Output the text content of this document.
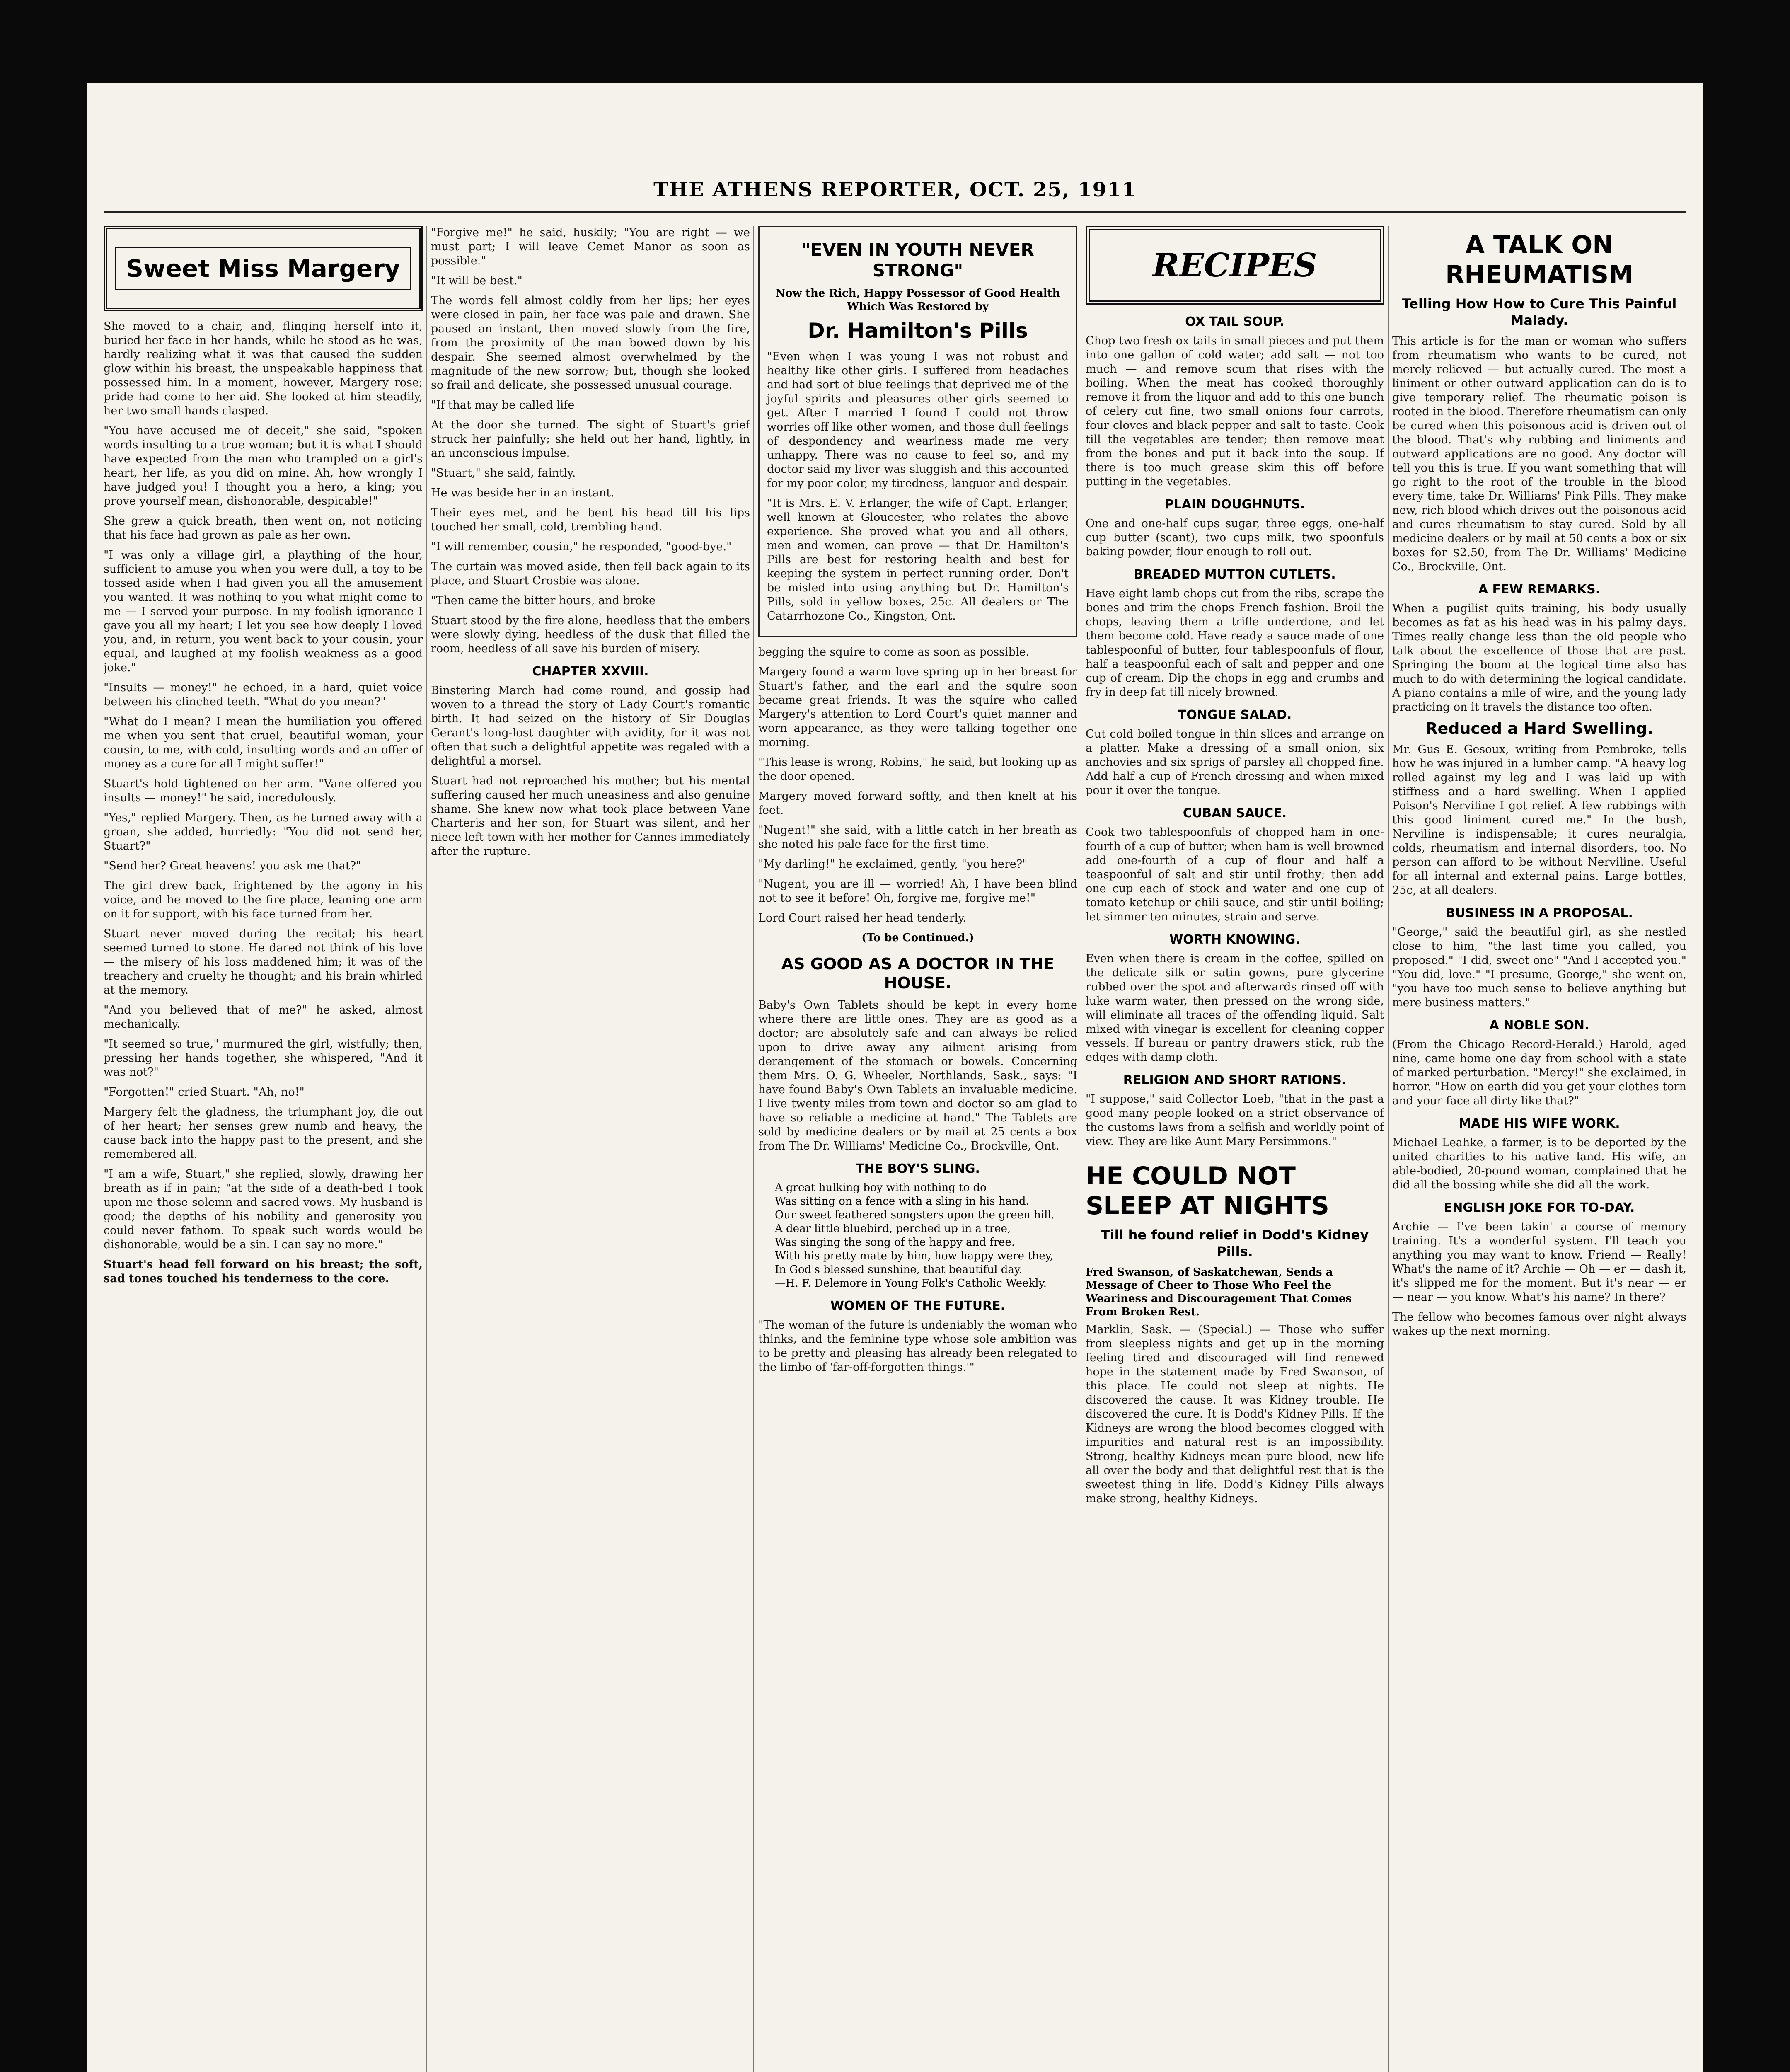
THE ATHENS REPORTER, OCT. 25, 1911
Sweet Miss Margery

She moved to a chair, and, flinging herself into it, buried her face in her hands, while he stood as he was, hardly realizing what it was that caused the sudden glow within his breast, the unspeakable happiness that possessed him. In a moment, however, Margery rose; pride had come to her aid. She looked at him steadily, her two small hands clasped.

"You have accused me of deceit," she said, "spoken words insulting to a true woman; but it is what I should have expected from the man who trampled on a girl's heart, her life, as you did on mine. Ah, how wrongly I have judged you! I thought you a hero, a king; you prove yourself mean, dishonorable, despicable!"

She grew a quick breath, then went on, not noticing that his face had grown as pale as her own.

"I was only a village girl, a plaything of the hour, sufficient to amuse you when you were dull, a toy to be tossed aside when I had given you all the amusement you wanted. It was nothing to you what might come to me — I served your purpose. In my foolish ignorance I gave you all my heart; I let you see how deeply I loved you, and, in return, you went back to your cousin, your equal, and laughed at my foolish weakness as a good joke."

"Insults — money!" he echoed, in a hard, quiet voice between his clinched teeth. "What do you mean?"

"What do I mean? I mean the humiliation you offered me when you sent that cruel, beautiful woman, your cousin, to me, with cold, insulting words and an offer of money as a cure for all I might suffer!"

Stuart's hold tightened on her arm. "Vane offered you insults — money!" he said, incredulously.

"Yes," replied Margery. Then, as he turned away with a groan, she added, hurriedly: "You did not send her, Stuart?"

"Send her? Great heavens! you ask me that?"

The girl drew back, frightened by the agony in his voice, and he moved to the fire place, leaning one arm on it for support, with his face turned from her.

Stuart never moved during the recital; his heart seemed turned to stone. He dared not think of his love — the misery of his loss maddened him; it was of the treachery and cruelty he thought; and his brain whirled at the memory.

"And you believed that of me?" he asked, almost mechanically.

"It seemed so true," murmured the girl, wistfully; then, pressing her hands together, she whispered, "And it was not?"

"Forgotten!" cried Stuart. "Ah, no!"

Margery felt the gladness, the triumphant joy, die out of her heart; her senses grew numb and heavy, the cause back into the happy past to the present, and she remembered all.

"I am a wife, Stuart," she replied, slowly, drawing her breath as if in pain; "at the side of a death-bed I took upon me those solemn and sacred vows. My husband is good; the depths of his nobility and generosity you could never fathom. To speak such words would be dishonorable, would be a sin. I can say no more."

Stuart's head fell forward on his breast; the soft, sad tones touched his tenderness to the core.

"Forgive me!" he said, huskily; "You are right — we must part; I will leave Cemet Manor as soon as possible."

"It will be best."

The words fell almost coldly from her lips; her eyes were closed in pain, her face was pale and drawn. She paused an instant, then moved slowly from the fire, from the proximity of the man bowed down by his despair. She seemed almost overwhelmed by the magnitude of the new sorrow; but, though she looked so frail and delicate, she possessed unusual courage.

"If that may be called life

At the door she turned. The sight of Stuart's grief struck her painfully; she held out her hand, lightly, in an unconscious impulse.

"Stuart," she said, faintly.

He was beside her in an instant.

Their eyes met, and he bent his head till his lips touched her small, cold, trembling hand.

"I will remember, cousin," he responded, "good-bye."

The curtain was moved aside, then fell back again to its place, and Stuart Crosbie was alone.

"Then came the bitter hours, and broke

Stuart stood by the fire alone, heedless that the embers were slowly dying, heedless of the dusk that filled the room, heedless of all save his burden of misery.

CHAPTER XXVIII.

Binstering March had come round, and gossip had woven to a thread the story of Lady Court's romantic birth. It had seized on the history of Sir Douglas Gerant's long-lost daughter with avidity, for it was not often that such a delightful appetite was regaled with a delightful a morsel.

Stuart had not reproached his mother; but his mental suffering caused her much uneasiness and also genuine shame. She knew now what took place between Vane Charteris and her son, for Stuart was silent, and her niece left town with her mother for Cannes immediately after the rupture.

"EVEN IN YOUTH NEVER STRONG"
Now the Rich, Happy Possessor of Good Health Which Was Restored by
Dr. Hamilton's Pills

"Even when I was young I was not robust and healthy like other girls. I suffered from headaches and had sort of blue feelings that deprived me of the joyful spirits and pleasures other girls seemed to get. After I married I found I could not throw worries off like other women, and those dull feelings of despondency and weariness made me very unhappy. There was no cause to feel so, and my doctor said my liver was sluggish and this accounted for my poor color, my tiredness, languor and despair.

"It is Mrs. E. V. Erlanger, the wife of Capt. Erlanger, well known at Gloucester, who relates the above experience. She proved what you and all others, men and women, can prove — that Dr. Hamilton's Pills are best for restoring health and best for keeping the system in perfect running order. Don't be misled into using anything but Dr. Hamilton's Pills, sold in yellow boxes, 25c. All dealers or The Catarrhozone Co., Kingston, Ont.

begging the squire to come as soon as possible.

Margery found a warm love spring up in her breast for Stuart's father, and the earl and the squire soon became great friends. It was the squire who called Margery's attention to Lord Court's quiet manner and worn appearance, as they were talking together one morning.

"This lease is wrong, Robins," he said, but looking up as the door opened.

Margery moved forward softly, and then knelt at his feet.

"Nugent!" she said, with a little catch in her breath as she noted his pale face for the first time.

"My darling!" he exclaimed, gently, "you here?"

"Nugent, you are ill — worried! Ah, I have been blind not to see it before! Oh, forgive me, forgive me!"

Lord Court raised her head tenderly.

(To be Continued.)
AS GOOD AS A DOCTOR IN THE HOUSE.

Baby's Own Tablets should be kept in every home where there are little ones. They are as good as a doctor; are absolutely safe and can always be relied upon to drive away any ailment arising from derangement of the stomach or bowels. Concerning them Mrs. O. G. Wheeler, Northlands, Sask., says: "I have found Baby's Own Tablets an invaluable medicine. I live twenty miles from town and doctor so am glad to have so reliable a medicine at hand." The Tablets are sold by medicine dealers or by mail at 25 cents a box from The Dr. Williams' Medicine Co., Brockville, Ont.

THE BOY'S SLING.
A great hulking boy with nothing to do
Was sitting on a fence with a sling in his hand.
Our sweet feathered songsters upon the green hill.
A dear little bluebird, perched up in a tree,
Was singing the song of the happy and free.
With his pretty mate by him, how happy were they,
In God's blessed sunshine, that beautiful day.
—H. F. Delemore in Young Folk's Catholic Weekly.
WOMEN OF THE FUTURE.

"The woman of the future is undeniably the woman who thinks, and the feminine type whose sole ambition was to be pretty and pleasing has already been relegated to the limbo of 'far-off-forgotten things.'"

RECIPES
OX TAIL SOUP.

Chop two fresh ox tails in small pieces and put them into one gallon of cold water; add salt — not too much — and remove scum that rises with the boiling. When the meat has cooked thoroughly remove it from the liquor and add to this one bunch of celery cut fine, two small onions four carrots, four cloves and black pepper and salt to taste. Cook till the vegetables are tender; then remove meat from the bones and put it back into the soup. If there is too much grease skim this off before putting in the vegetables.

PLAIN DOUGHNUTS.

One and one-half cups sugar, three eggs, one-half cup butter (scant), two cups milk, two spoonfuls baking powder, flour enough to roll out.

BREADED MUTTON CUTLETS.

Have eight lamb chops cut from the ribs, scrape the bones and trim the chops French fashion. Broil the chops, leaving them a trifle underdone, and let them become cold. Have ready a sauce made of one tablespoonful of butter, four tablespoonfuls of flour, half a teaspoonful each of salt and pepper and one cup of cream. Dip the chops in egg and crumbs and fry in deep fat till nicely browned.

TONGUE SALAD.

Cut cold boiled tongue in thin slices and arrange on a platter. Make a dressing of a small onion, six anchovies and six sprigs of parsley all chopped fine. Add half a cup of French dressing and when mixed pour it over the tongue.

CUBAN SAUCE.

Cook two tablespoonfuls of chopped ham in one-fourth of a cup of butter; when ham is well browned add one-fourth of a cup of flour and half a teaspoonful of salt and stir until frothy; then add one cup each of stock and water and one cup of tomato ketchup or chili sauce, and stir until boiling; let simmer ten minutes, strain and serve.

WORTH KNOWING.

Even when there is cream in the coffee, spilled on the delicate silk or satin gowns, pure glycerine rubbed over the spot and afterwards rinsed off with luke warm water, then pressed on the wrong side, will eliminate all traces of the offending liquid. Salt mixed with vinegar is excellent for cleaning copper vessels. If bureau or pantry drawers stick, rub the edges with damp cloth.

RELIGION AND SHORT RATIONS.

"I suppose," said Collector Loeb, "that in the past a good many people looked on a strict observance of the customs laws from a selfish and worldly point of view. They are like Aunt Mary Persimmons."

HE COULD NOT SLEEP AT NIGHTS
Till he found relief in Dodd's Kidney Pills.
Fred Swanson, of Saskatchewan, Sends a Message of Cheer to Those Who Feel the Weariness and Discouragement That Comes From Broken Rest.

Marklin, Sask. — (Special.) — Those who suffer from sleepless nights and get up in the morning feeling tired and discouraged will find renewed hope in the statement made by Fred Swanson, of this place. He could not sleep at nights. He discovered the cause. It was Kidney trouble. He discovered the cure. It is Dodd's Kidney Pills. If the Kidneys are wrong the blood becomes clogged with impurities and natural rest is an impossibility. Strong, healthy Kidneys mean pure blood, new life all over the body and that delightful rest that is the sweetest thing in life. Dodd's Kidney Pills always make strong, healthy Kidneys.

A TALK ON RHEUMATISM
Telling How How to Cure This Painful Malady.

This article is for the man or woman who suffers from rheumatism who wants to be cured, not merely relieved — but actually cured. The most a liniment or other outward application can do is to give temporary relief. The rheumatic poison is rooted in the blood. Therefore rheumatism can only be cured when this poisonous acid is driven out of the blood. That's why rubbing and liniments and outward applications are no good. Any doctor will tell you this is true. If you want something that will go right to the root of the trouble in the blood every time, take Dr. Williams' Pink Pills. They make new, rich blood which drives out the poisonous acid and cures rheumatism to stay cured. Sold by all medicine dealers or by mail at 50 cents a box or six boxes for $2.50, from The Dr. Williams' Medicine Co., Brockville, Ont.

A FEW REMARKS.

When a pugilist quits training, his body usually becomes as fat as his head was in his palmy days. Times really change less than the old people who talk about the excellence of those that are past. Springing the boom at the logical time also has much to do with determining the logical candidate. A piano contains a mile of wire, and the young lady practicing on it travels the distance too often.

Reduced a Hard Swelling.

Mr. Gus E. Gesoux, writing from Pembroke, tells how he was injured in a lumber camp. "A heavy log rolled against my leg and I was laid up with stiffness and a hard swelling. When I applied Poison's Nerviline I got relief. A few rubbings with this good liniment cured me." In the bush, Nerviline is indispensable; it cures neuralgia, colds, rheumatism and internal disorders, too. No person can afford to be without Nerviline. Useful for all internal and external pains. Large bottles, 25c, at all dealers.

BUSINESS IN A PROPOSAL.

"George," said the beautiful girl, as she nestled close to him, "the last time you called, you proposed." "I did, sweet one" "And I accepted you." "You did, love." "I presume, George," she went on, "you have too much sense to believe anything but mere business matters."

A NOBLE SON.

(From the Chicago Record-Herald.) Harold, aged nine, came home one day from school with a state of marked perturbation. "Mercy!" she exclaimed, in horror. "How on earth did you get your clothes torn and your face all dirty like that?"

MADE HIS WIFE WORK.

Michael Leahke, a farmer, is to be deported by the united charities to his native land. His wife, an able-bodied, 20-pound woman, complained that he did all the bossing while she did all the work.

ENGLISH JOKE FOR TO-DAY.

Archie — I've been takin' a course of memory training. It's a wonderful system. I'll teach you anything you may want to know. Friend — Really! What's the name of it? Archie — Oh — er — dash it, it's slipped me for the moment. But it's near — er — near — you know. What's his name? In there?

The fellow who becomes famous over night always wakes up the next morning.
